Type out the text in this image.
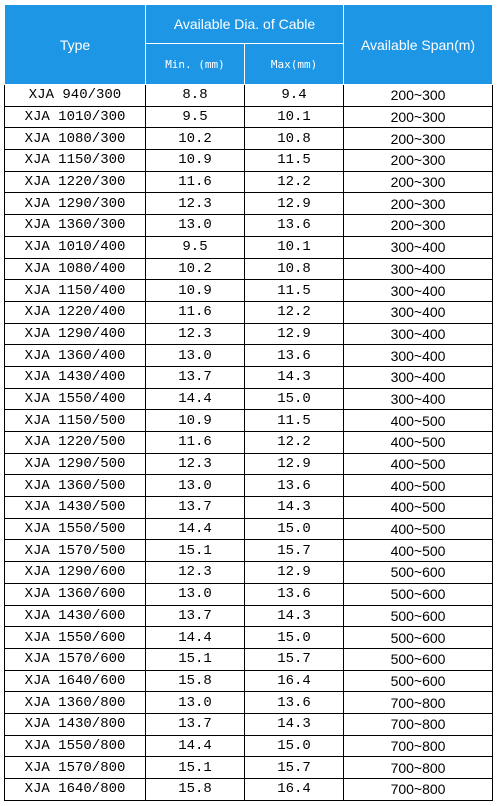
Type	Available Dia. of Cable		Available Span(m)
	Min. (mm)	Max(mm)	
XJA 940/300	8.8	9.4	200~300
XJA 1010/300	9.5	10.1	200~300
XJA 1080/300	10.2	10.8	200~300
XJA 1150/300	10.9	11.5	200~300
XJA 1220/300	11.6	12.2	200~300
XJA 1290/300	12.3	12.9	200~300
XJA 1360/300	13.0	13.6	200~300
XJA 1010/400	9.5	10.1	300~400
XJA 1080/400	10.2	10.8	300~400
XJA 1150/400	10.9	11.5	300~400
XJA 1220/400	11.6	12.2	300~400
XJA 1290/400	12.3	12.9	300~400
XJA 1360/400	13.0	13.6	300~400
XJA 1430/400	13.7	14.3	300~400
XJA 1550/400	14.4	15.0	300~400
XJA 1150/500	10.9	11.5	400~500
XJA 1220/500	11.6	12.2	400~500
XJA 1290/500	12.3	12.9	400~500
XJA 1360/500	13.0	13.6	400~500
XJA 1430/500	13.7	14.3	400~500
XJA 1550/500	14.4	15.0	400~500
XJA 1570/500	15.1	15.7	400~500
XJA 1290/600	12.3	12.9	500~600
XJA 1360/600	13.0	13.6	500~600
XJA 1430/600	13.7	14.3	500~600
XJA 1550/600	14.4	15.0	500~600
XJA 1570/600	15.1	15.7	500~600
XJA 1640/600	15.8	16.4	500~600
XJA 1360/800	13.0	13.6	700~800
XJA 1430/800	13.7	14.3	700~800
XJA 1550/800	14.4	15.0	700~800
XJA 1570/800	15.1	15.7	700~800
XJA 1640/800	15.8	16.4	700~800
